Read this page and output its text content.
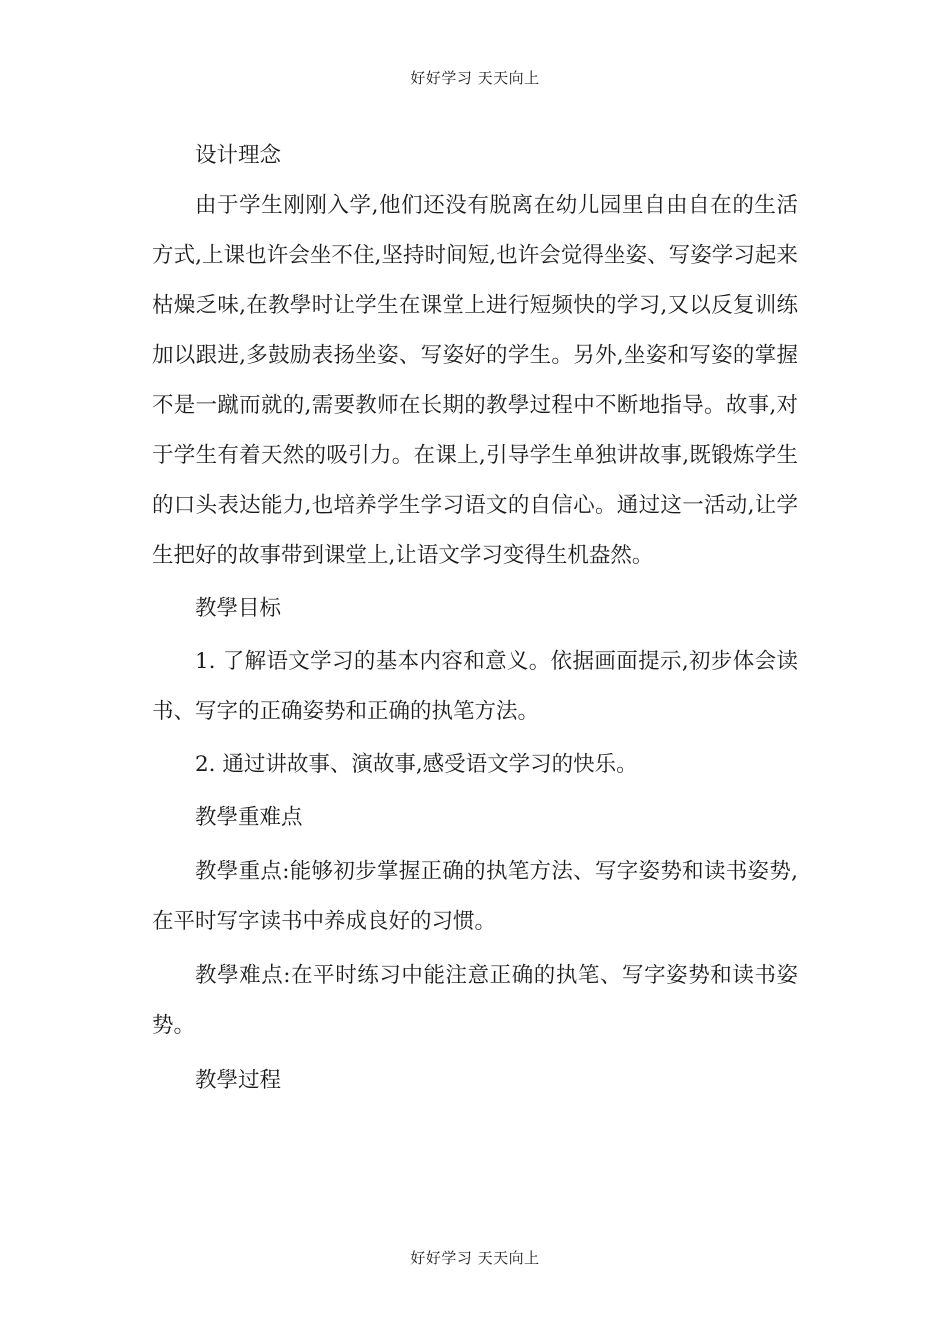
好好学习 天天向上

设计理念

由于学生刚刚入学,他们还没有脱离在幼儿园里自由自在的生活方式,上课也许会坐不住,坚持时间短,也许会觉得坐姿、写姿学习起来枯燥乏味,在教學时让学生在课堂上进行短频快的学习,又以反复训练加以跟进,多鼓励表扬坐姿、写姿好的学生。另外,坐姿和写姿的掌握不是一蹴而就的,需要教师在长期的教學过程中不断地指导。故事,对于学生有着天然的吸引力。在课上,引导学生单独讲故事,既锻炼学生的口头表达能力,也培养学生学习语文的自信心。通过这一活动,让学生把好的故事带到课堂上,让语文学习变得生机盎然。

教學目标

1. 了解语文学习的基本内容和意义。依据画面提示,初步体会读书、写字的正确姿势和正确的执笔方法。

2. 通过讲故事、演故事,感受语文学习的快乐。

教學重难点

教學重点:能够初步掌握正确的执笔方法、写字姿势和读书姿势,在平时写字读书中养成良好的习惯。

教學难点:在平时练习中能注意正确的执笔、写字姿势和读书姿势。

教學过程

好好学习 天天向上
